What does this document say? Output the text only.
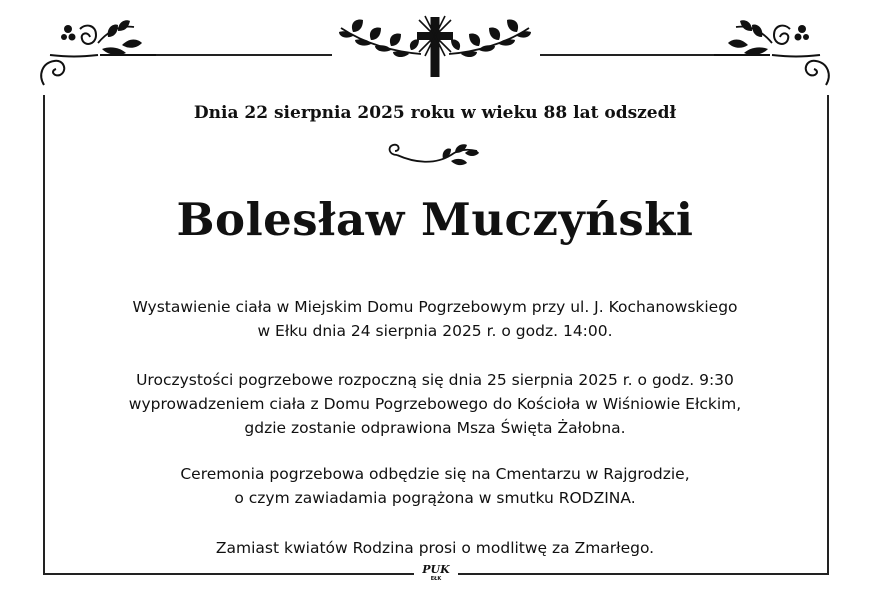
Dnia 22 sierpnia 2025 roku w wieku 88 lat odszedł
Bolesław Muczyński

Wystawienie ciała w Miejskim Domu Pogrzebowym przy ul. J. Kochanowskiego

w Ełku dnia 24 sierpnia 2025 r. o godz. 14:00.

Uroczystości pogrzebowe rozpoczną się dnia 25 sierpnia 2025 r. o godz. 9:30

wyprowadzeniem ciała z Domu Pogrzebowego do Kościoła w Wiśniowie Ełckim,

gdzie zostanie odprawiona Msza Święta Żałobna.

Ceremonia pogrzebowa odbędzie się na Cmentarzu w Rajgrodzie,

o czym zawiadamia pogrążona w smutku RODZINA.

Zamiast kwiatów Rodzina prosi o modlitwę za Zmarłego.

PUK
EŁK
